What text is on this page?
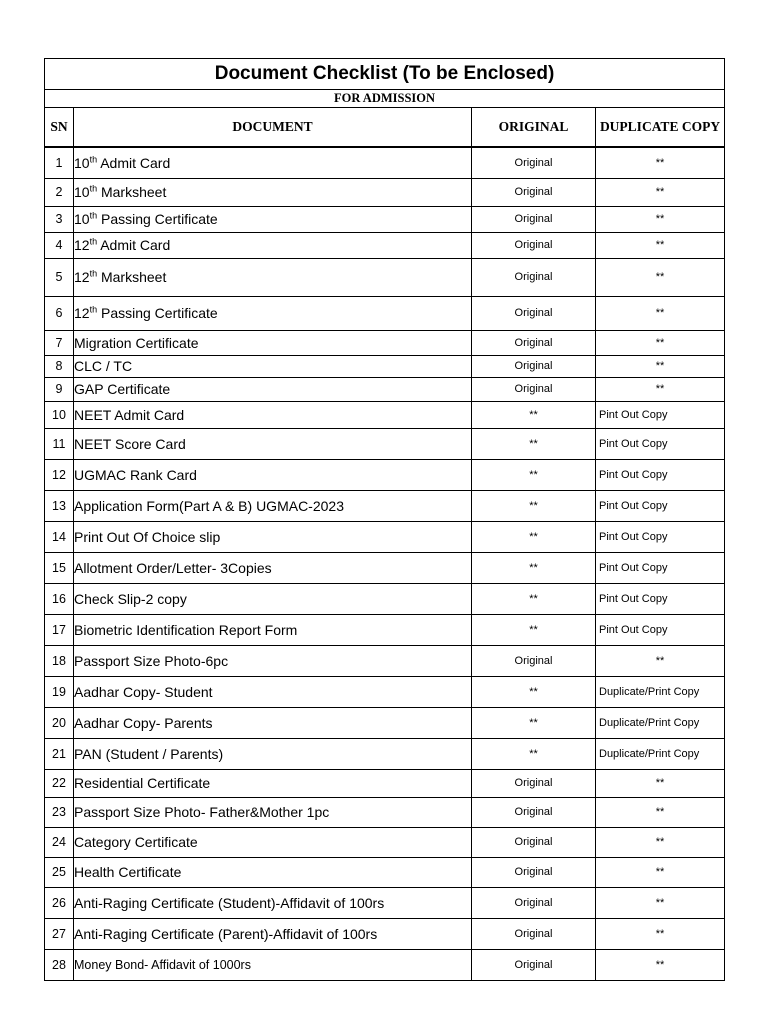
Document Checklist (To be Enclosed)			
FOR ADMISSION			
SN	DOCUMENT	ORIGINAL	DUPLICATE COPY
1	10th Admit Card	Original	**
2	10th Marksheet	Original	**
3	10th Passing Certificate	Original	**
4	12th Admit Card	Original	**
5	12th Marksheet	Original	**
6	12th Passing Certificate	Original	**
7	Migration Certificate	Original	**
8	CLC / TC	Original	**
9	GAP Certificate	Original	**
10	NEET Admit Card	**	Pint Out Copy
11	NEET Score Card	**	Pint Out Copy
12	UGMAC Rank Card	**	Pint Out Copy
13	Application Form(Part A & B) UGMAC-2023	**	Pint Out Copy
14	Print Out Of Choice slip	**	Pint Out Copy
15	Allotment Order/Letter- 3Copies	**	Pint Out Copy
16	Check Slip-2 copy	**	Pint Out Copy
17	Biometric Identification Report Form	**	Pint Out Copy
18	Passport Size Photo-6pc	Original	**
19	Aadhar Copy- Student	**	Duplicate/Print Copy
20	Aadhar Copy- Parents	**	Duplicate/Print Copy
21	PAN (Student / Parents)	**	Duplicate/Print Copy
22	Residential Certificate	Original	**
23	Passport Size Photo- Father&Mother 1pc	Original	**
24	Category Certificate	Original	**
25	Health Certificate	Original	**
26	Anti-Raging Certificate (Student)-Affidavit of 100rs	Original	**
27	Anti-Raging Certificate (Parent)-Affidavit of 100rs	Original	**
28	Money Bond- Affidavit of 1000rs	Original	**
